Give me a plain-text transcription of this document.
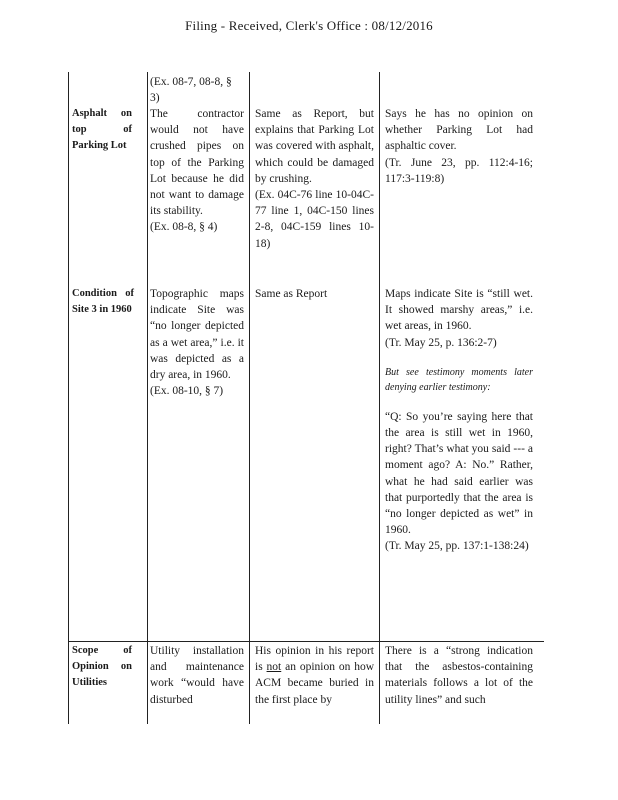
Filing - Received, Clerk's Office : 08/12/2016

(Ex. 08-7, 08-8, § 3)

Asphalt on top of Parking Lot

The contractor would not have crushed pipes on top of the Parking Lot because he did not want to damage its stability.

(Ex. 08-8, § 4)

Same as Report, but explains that Parking Lot was covered with asphalt, which could be damaged by crushing.

(Ex. 04C-76 line 10-04C-77 line 1, 04C-150 lines 2-8, 04C-159 lines 10-18)

Says he has no opinion on whether Parking Lot had asphaltic cover.

(Tr. June 23, pp. 112:4-16; 117:3-119:8)

Condition of Site 3 in 1960

Topographic maps indicate Site was “no longer depicted as a wet area,” i.e. it was depicted as a dry area, in 1960.

(Ex. 08-10, § 7)

Same as Report	Maps indicate Site is “still wet. It showed marshy areas,” i.e. wet areas, in 1960.

(Tr. May 25, p. 136:2-7)

But see testimony moments later denying earlier testimony:

“Q: So you’re saying here that the area is still wet in 1960, right? That’s what you said --- a moment ago? A: No.” Rather, what he had said earlier was that purportedly that the area is “no longer depicted as wet” in 1960.

(Tr. May 25, pp. 137:1-138:24)

Scope of Opinion on Utilities

Utility installation and maintenance work “would have disturbed

His opinion in his report is not an opinion on how ACM became buried in the first place by

There is a “strong indication that the asbestos-containing materials follows a lot of the utility lines” and such
